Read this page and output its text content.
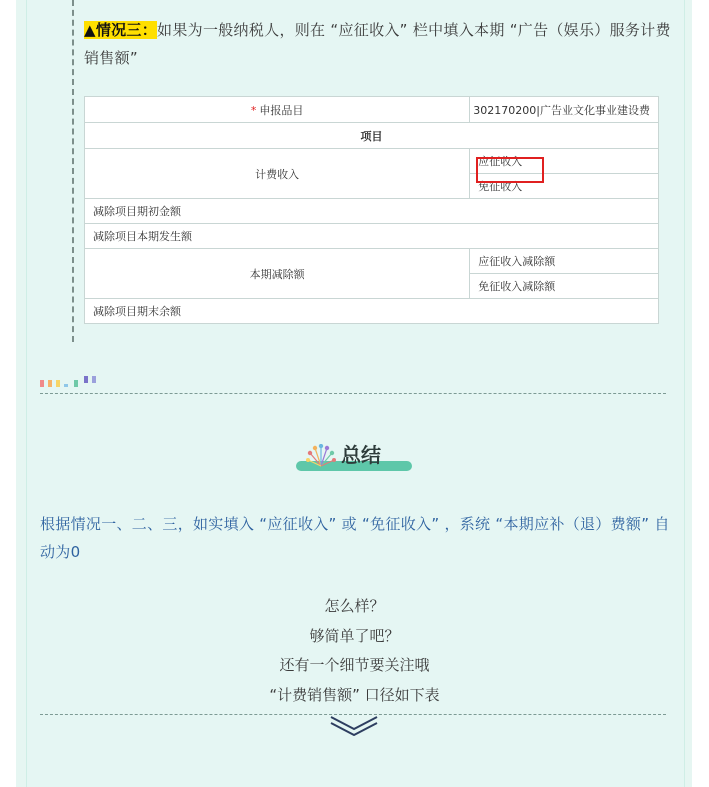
▲情况三：如果为一般纳税人，则在 “应征收入” 栏中填入本期 “广告（娱乐）服务计费销售额”
* 申报品目	302170200|广告业文化事业建设费
项目	
计费收入	应征收入
	免征收入
减除项目期初金额	
减除项目本期发生额	
本期减除额	应征收入减除额
	免征收入减除额
减除项目期末余额	
总结
根据情况一、二、三，如实填入 “应征收入” 或 “免征收入” ，系统 “本期应补（退）费额” 自动为0
怎么样？
够简单了吧？
还有一个细节要关注哦
“计费销售额” 口径如下表
